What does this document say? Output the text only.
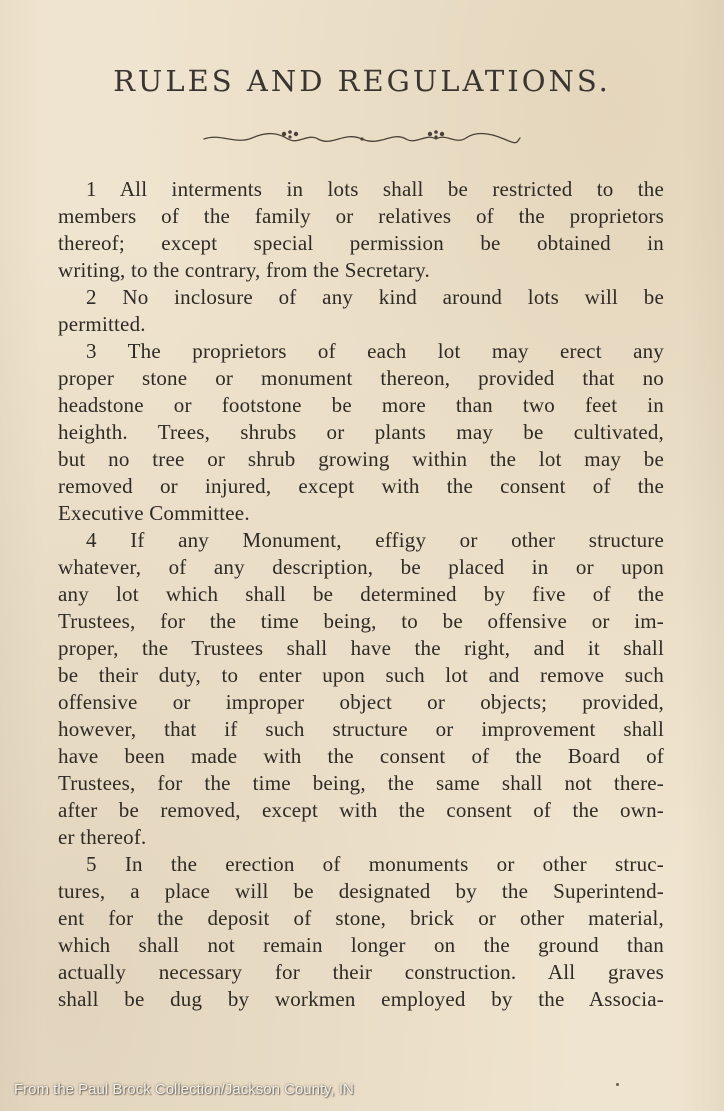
RULES AND REGULATIONS.
1 All interments in lots shall be restricted to the
members of the family or relatives of the proprietors
thereof; except special permission be obtained in
writing, to the contrary, from the Secretary.
2 No inclosure of any kind around lots will be
permitted.
3 The proprietors of each lot may erect any
proper stone or monument thereon, provided that no
headstone or footstone be more than two feet in
heighth. Trees, shrubs or plants may be cultivated,
but no tree or shrub growing within the lot may be
removed or injured, except with the consent of the
Executive Committee.
4 If any Monument, effigy or other structure
whatever, of any description, be placed in or upon
any lot which shall be determined by five of the
Trustees, for the time being, to be offensive or im-
proper, the Trustees shall have the right, and it shall
be their duty, to enter upon such lot and remove such
offensive or improper object or objects; provided,
however, that if such structure or improvement shall
have been made with the consent of the Board of
Trustees, for the time being, the same shall not there-
after be removed, except with the consent of the own-
er thereof.
5 In the erection of monuments or other struc-
tures, a place will be designated by the Superintend-
ent for the deposit of stone, brick or other material,
which shall not remain longer on the ground than
actually necessary for their construction. All graves
shall be dug by workmen employed by the Associa-
From the Paul Brock Collection/Jackson County, IN
